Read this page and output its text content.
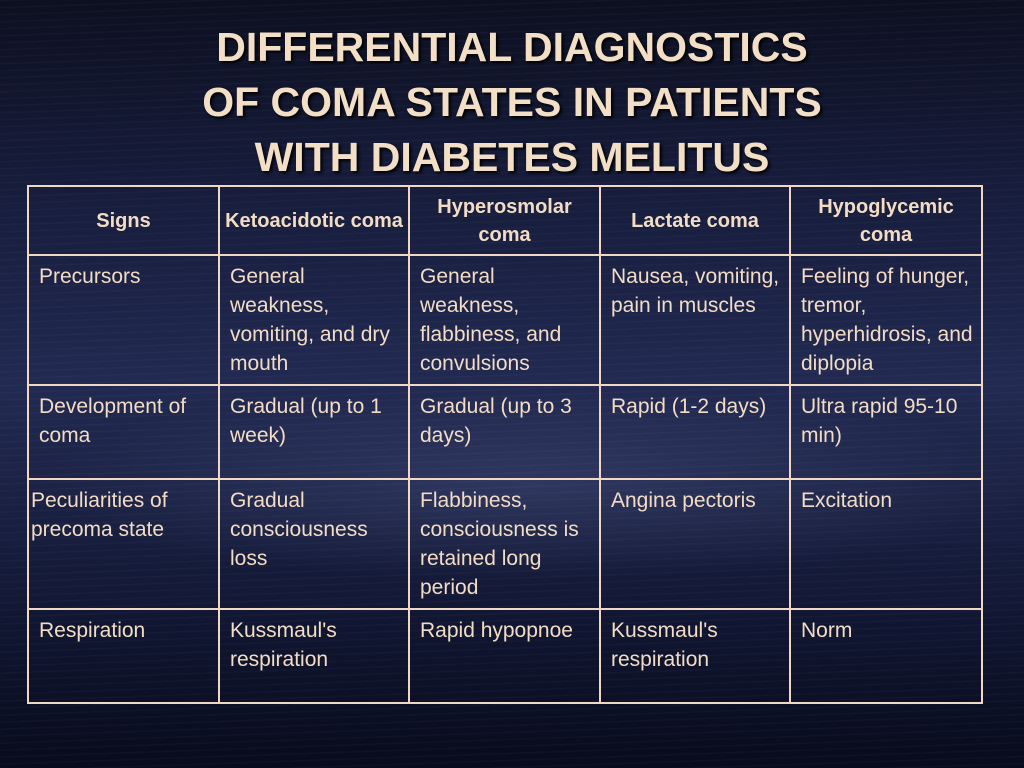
DIFFERENTIAL DIAGNOSTICS
OF COMA STATES IN PATIENTS
WITH DIABETES MELITUS
Signs	Ketoacidotic coma	Hyperosmolar coma	Lactate coma	Hypoglycemic coma
Precursors	General weakness, vomiting, and dry mouth	General weakness, flabbiness, and convulsions	Nausea, vomiting, pain in muscles	Feeling of hunger, tremor, hyperhidrosis, and diplopia
Development of coma	Gradual (up to 1 week)	Gradual (up to 3 days)	Rapid (1-2 days)	Ultra rapid 95-10 min)
Peculiarities of precoma state	Gradual consciousness loss	Flabbiness, consciousness is retained long period	Angina pectoris	Excitation
Respiration	Kussmaul's respiration	Rapid hypopnoe	Kussmaul's respiration	Norm
